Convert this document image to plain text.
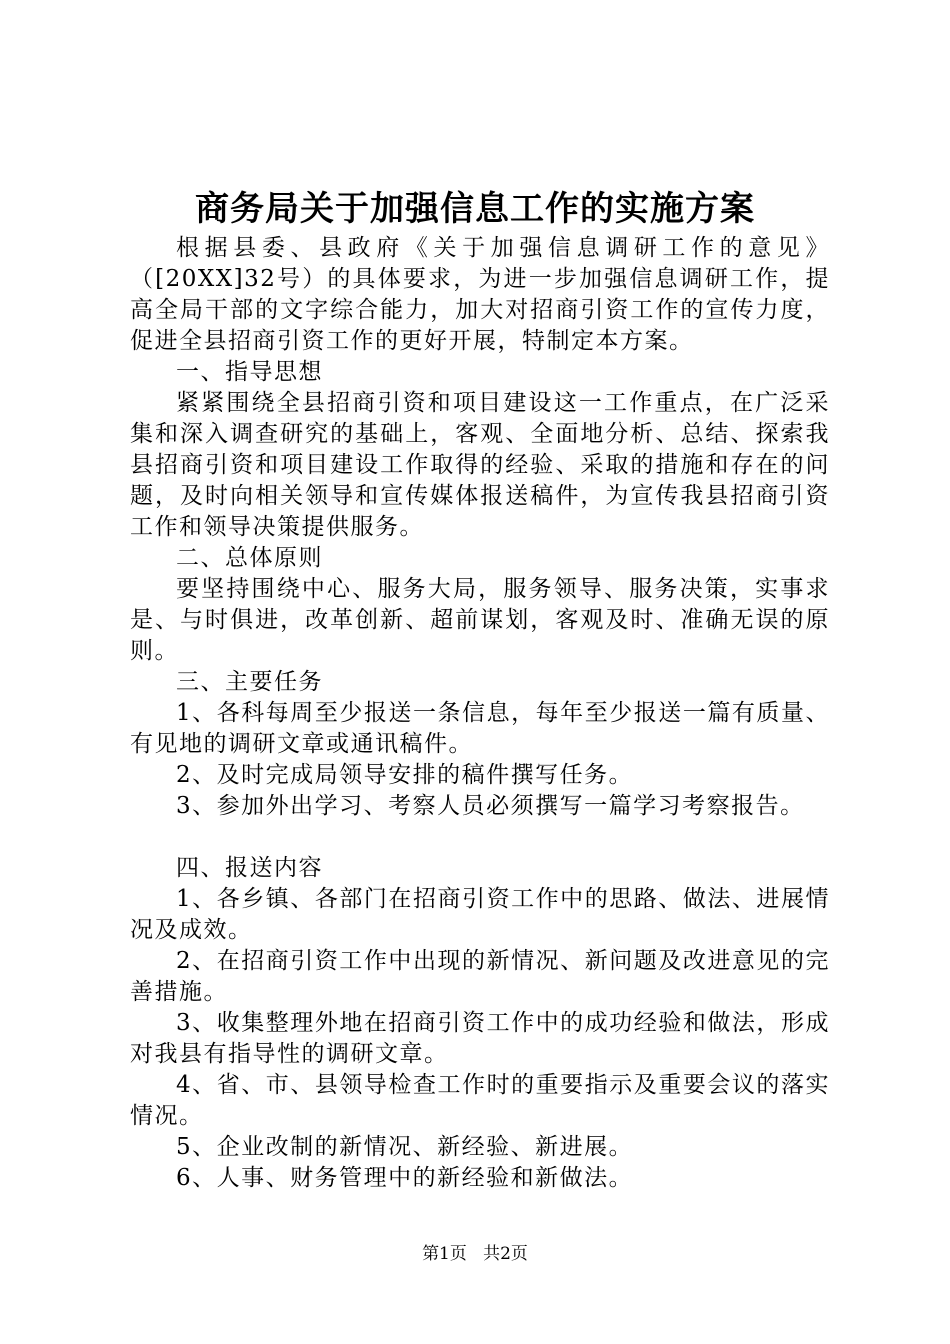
商务局关于加强信息工作的实施方案

根据县委、县政府《关于加强信息调研工作的意见》（[20XX]32号）的具体要求，为进一步加强信息调研工作，提高全局干部的文字综合能力，加大对招商引资工作的宣传力度，促进全县招商引资工作的更好开展，特制定本方案。

一、指导思想

紧紧围绕全县招商引资和项目建设这一工作重点，在广泛采集和深入调查研究的基础上，客观、全面地分析、总结、探索我县招商引资和项目建设工作取得的经验、采取的措施和存在的问题，及时向相关领导和宣传媒体报送稿件，为宣传我县招商引资工作和领导决策提供服务。

二、总体原则

要坚持围绕中心、服务大局，服务领导、服务决策，实事求是、与时俱进，改革创新、超前谋划，客观及时、准确无误的原则。

三、主要任务

1、各科每周至少报送一条信息，每年至少报送一篇有质量、有见地的调研文章或通讯稿件。

2、及时完成局领导安排的稿件撰写任务。

3、参加外出学习、考察人员必须撰写一篇学习考察报告。

四、报送内容

1、各乡镇、各部门在招商引资工作中的思路、做法、进展情况及成效。

2、在招商引资工作中出现的新情况、新问题及改进意见的完善措施。

3、收集整理外地在招商引资工作中的成功经验和做法，形成对我县有指导性的调研文章。

4、省、市、县领导检查工作时的重要指示及重要会议的落实情况。

5、企业改制的新情况、新经验、新进展。

6、人事、财务管理中的新经验和新做法。

第1页 共2页
